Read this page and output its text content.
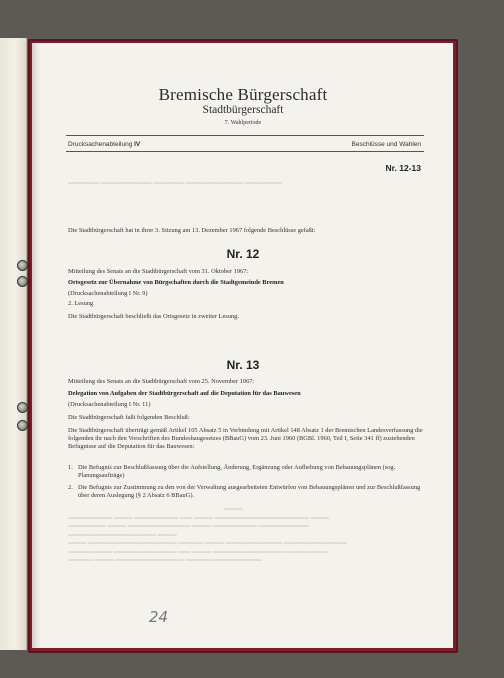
Bremische Bürgerschaft
Stadtbürgerschaft
7. Wahlperiode
Drucksachenabteilung IV	Beschlüsse und Wahlen
Nr. 12-13
▬▬▬▬▬ ▬▬▬▬▬▬▬▬ ▬▬▬▬▬ ▬▬▬▬▬▬▬▬▬ ▬▬▬▬▬▬
Die Stadtbürgerschaft hat in ihrer 3. Sitzung am 13. Dezember 1967 folgende Beschlüsse gefaßt:
Nr. 12
Mitteilung des Senats an die Stadtbürgerschaft vom 31. Oktober 1967:
Ortsgesetz zur Übernahme von Bürgschaften durch die Stadtgemeinde Bremen
(Drucksachenabteilung I Nr. 9)
2. Lesung
Die Stadtbürgerschaft beschließt das Ortsgesetz in zweiter Lesung.
Nr. 13
Mitteilung des Senats an die Stadtbürgerschaft vom 25. November 1967:
Delegation von Aufgaben der Stadtbürgerschaft auf die Deputation für das Bauwesen
(Drucksachenabteilung I Nr. 11)
Die Stadtbürgerschaft faßt folgenden Beschluß:
Die Stadtbürgerschaft überträgt gemäß Artikel 105 Absatz 5 in Verbindung mit Artikel 148 Absatz 1 der Bremischen Landesverfassung die folgenden ihr nach den Vorschriften des Bundesbaugesetzes (BBauG) vom 23. Juni 1960 (BGBl. 1960, Teil I, Seite 341 ff) zustehenden Befugnisse auf die Deputation für das Bauwesen:
1. Die Befugnis zur Beschlußfassung über die Aufstellung, Änderung, Ergänzung oder Aufhebung von Bebauungsplänen (sog. Planungsaufträge)
2. Die Befugnis zur Zustimmung zu den von der Verwaltung ausgearbeiteten Entwürfen von Bebauungsplänen und zur Beschlußfassung über deren Auslegung (§ 2 Absatz 6 BBauG).
▬▬▬
▬▬▬▬▬▬▬ ▬▬▬ ▬▬▬▬▬▬▬ ▬▬ ▬▬▬ ▬▬▬▬▬▬▬▬▬▬▬▬▬▬▬ ▬▬▬
▬▬▬▬▬▬ ▬▬▬ ▬▬▬▬▬▬▬▬▬▬ ▬▬▬ ▬▬▬▬▬▬▬ ▬▬▬▬▬▬▬▬
▬▬▬▬▬▬▬▬▬▬▬▬▬▬ ▬▬▬
▬▬▬ ▬▬▬▬▬▬▬▬▬▬▬▬▬▬ ▬▬▬▬ ▬▬▬ ▬▬▬▬▬▬▬▬▬ ▬▬▬▬▬▬▬▬▬▬
▬▬▬▬▬▬▬ ▬▬▬▬▬▬▬▬▬▬ ▬▬ ▬▬▬ ▬▬▬▬▬▬▬▬▬▬▬ ▬▬▬▬▬▬▬
▬▬▬▬ ▬▬▬ ▬▬▬▬▬▬▬▬▬▬▬ ▬▬▬▬▬▬▬▬▬▬▬▬
24
